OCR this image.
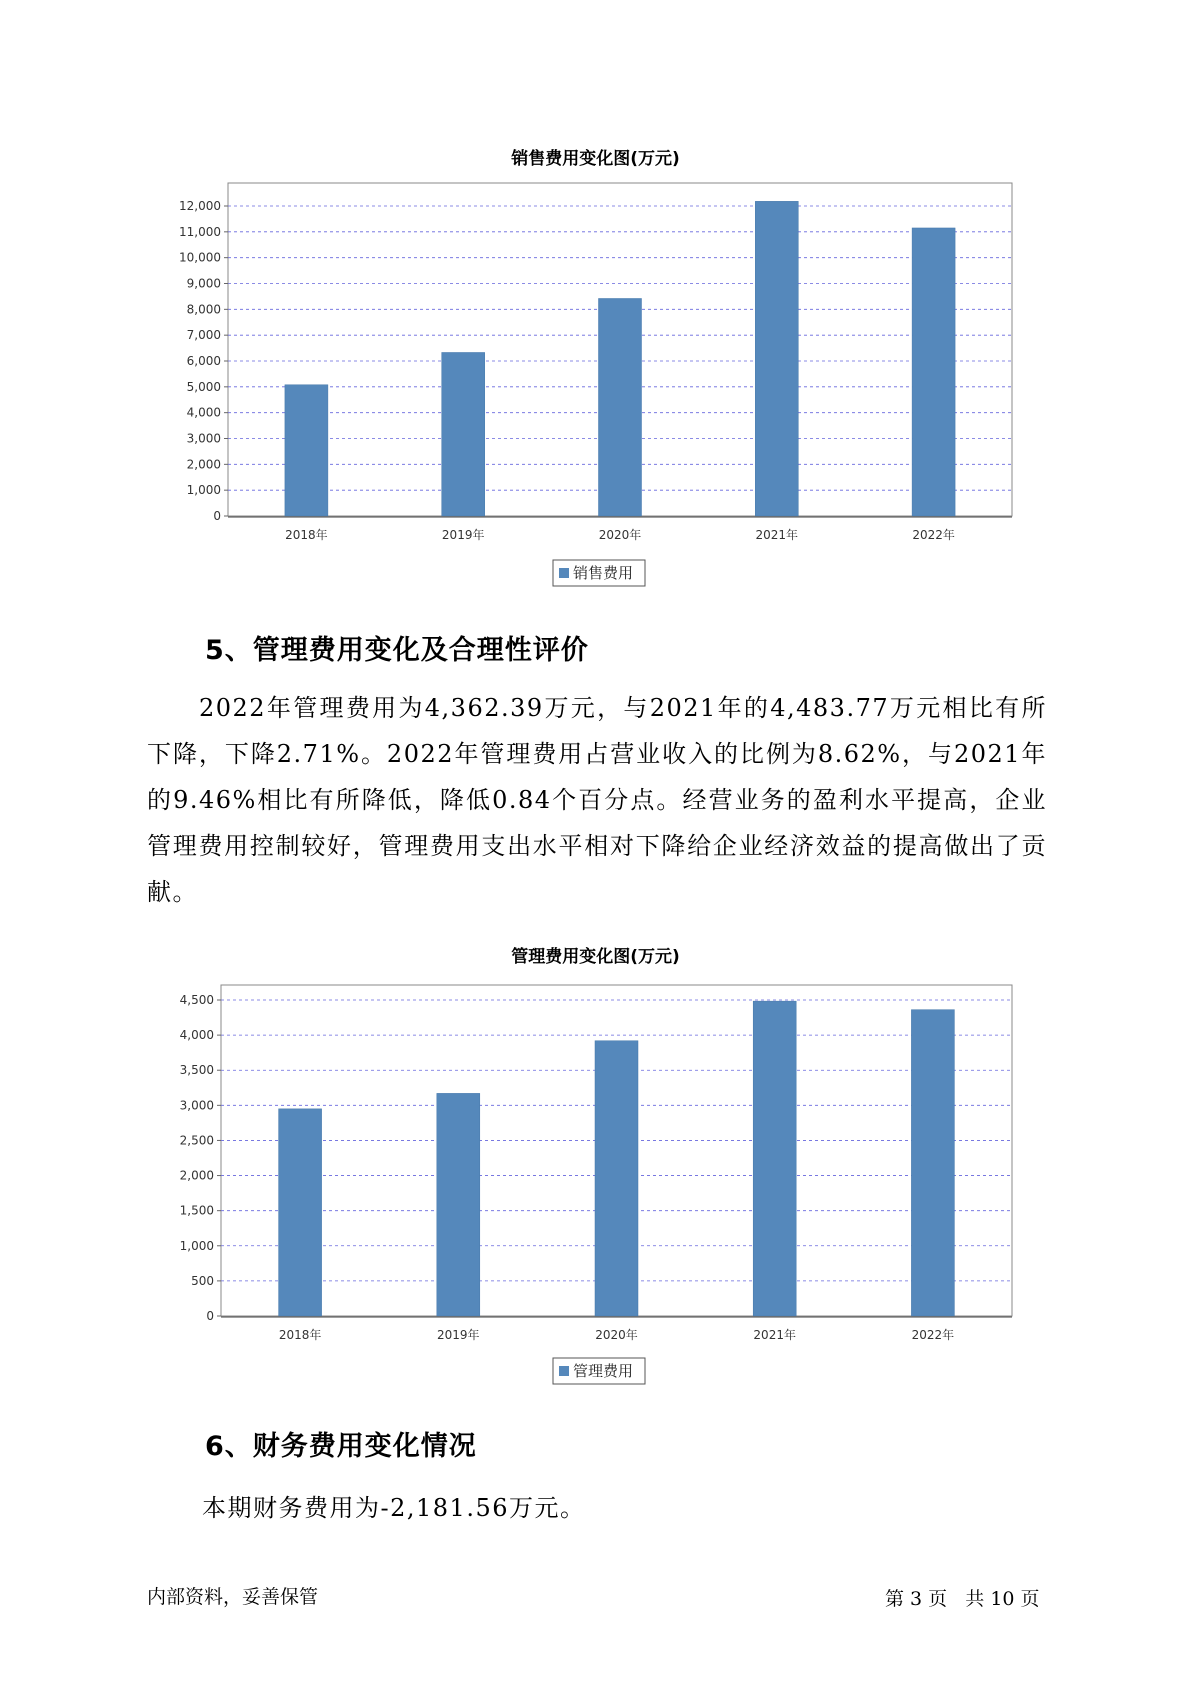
销售费用变化图(万元)
0
1,000
2,000
3,000
4,000
5,000
6,000
7,000
8,000
9,000
10,000
11,000
12,000
2018年	2019年	2020年	2021年	2022年
销售费用
5、管理费用变化及合理性评价
2022年管理费用为4,362.39万元，与2021年的4,483.77万元相比有所下降，下降2.71%。2022年管理费用占营业收入的比例为8.62%，与2021年的9.46%相比有所降低，降低0.84个百分点。经营业务的盈利水平提高，企业管理费用控制较好，管理费用支出水平相对下降给企业经济效益的提高做出了贡献。
管理费用变化图(万元)
0
500
1,000
1,500
2,000
2,500
3,000
3,500
4,000
4,500
2018年	2019年	2020年	2021年	2022年
管理费用
6、财务费用变化情况
本期财务费用为-2,181.56万元。
内部资料，妥善保管	第 3 页   共 10 页
